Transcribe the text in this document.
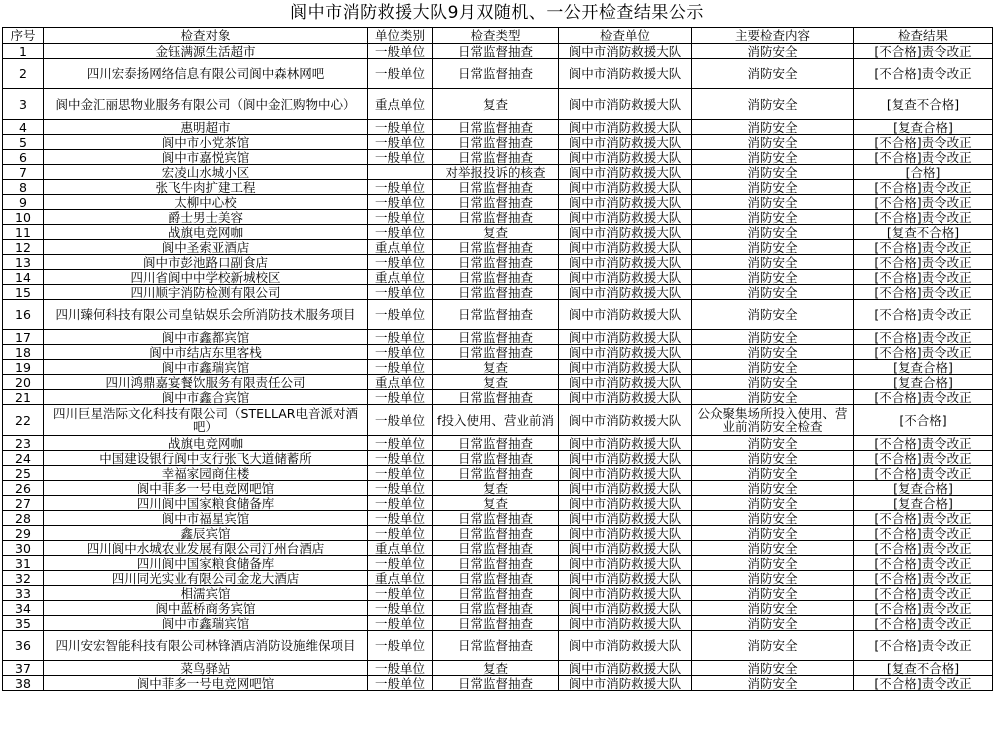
阆中市消防救援大队9月双随机、一公开检查结果公示
序号	检查对象	单位类别	检查类型	检查单位	主要检查内容	检查结果
1	金钰满源生活超市	一般单位	日常监督抽查	阆中市消防救援大队	消防安全	[不合格]责令改正
2	四川宏泰扬网络信息有限公司阆中森林网吧	一般单位	日常监督抽查	阆中市消防救援大队	消防安全	[不合格]责令改正
3	阆中金汇丽思物业服务有限公司（阆中金汇购物中心）	重点单位	复查	阆中市消防救援大队	消防安全	[复查不合格]
4	惠明超市	一般单位	日常监督抽查	阆中市消防救援大队	消防安全	[复查合格]
5	阆中市小党茶馆	一般单位	日常监督抽查	阆中市消防救援大队	消防安全	[不合格]责令改正
6	阆中市嘉悦宾馆	一般单位	日常监督抽查	阆中市消防救援大队	消防安全	[不合格]责令改正
7	宏凌山水城小区		对举报投诉的核查	阆中市消防救援大队	消防安全	[合格]
8	张飞牛肉扩建工程	一般单位	日常监督抽查	阆中市消防救援大队	消防安全	[不合格]责令改正
9	太柳中心校	一般单位	日常监督抽查	阆中市消防救援大队	消防安全	[不合格]责令改正
10	爵士男士美容	一般单位	日常监督抽查	阆中市消防救援大队	消防安全	[不合格]责令改正
11	战旗电竞网咖	一般单位	复查	阆中市消防救援大队	消防安全	[复查不合格]
12	阆中圣索亚酒店	重点单位	日常监督抽查	阆中市消防救援大队	消防安全	[不合格]责令改正
13	阆中市彭池路口副食店	一般单位	日常监督抽查	阆中市消防救援大队	消防安全	[不合格]责令改正
14	四川省阆中中学校新城校区	重点单位	日常监督抽查	阆中市消防救援大队	消防安全	[不合格]责令改正
15	四川顺宇消防检测有限公司	一般单位	日常监督抽查	阆中市消防救援大队	消防安全	[不合格]责令改正
16	四川臻何科技有限公司皇钻娱乐会所消防技术服务项目	一般单位	日常监督抽查	阆中市消防救援大队	消防安全	[不合格]责令改正
17	阆中市鑫都宾馆	一般单位	日常监督抽查	阆中市消防救援大队	消防安全	[不合格]责令改正
18	阆中市结店东里客栈	一般单位	日常监督抽查	阆中市消防救援大队	消防安全	[不合格]责令改正
19	阆中市鑫瑞宾馆	一般单位	复查	阆中市消防救援大队	消防安全	[复查合格]
20	四川鸿鼎嘉宴餐饮服务有限责任公司	重点单位	复查	阆中市消防救援大队	消防安全	[复查合格]
21	阆中市鑫合宾馆	一般单位	日常监督抽查	阆中市消防救援大队	消防安全	[不合格]责令改正
22	四川巨星浩际文化科技有限公司（STELLAR电音派对酒吧）	一般单位	f投入使用、营业前消	阆中市消防救援大队	公众聚集场所投入使用、营业前消防安全检查	[不合格]
23	战旗电竞网咖	一般单位	日常监督抽查	阆中市消防救援大队	消防安全	[不合格]责令改正
24	中国建设银行阆中支行张飞大道储蓄所	一般单位	日常监督抽查	阆中市消防救援大队	消防安全	[不合格]责令改正
25	幸福家园商住楼	一般单位	日常监督抽查	阆中市消防救援大队	消防安全	[不合格]责令改正
26	阆中菲多一号电竞网吧馆	一般单位	复查	阆中市消防救援大队	消防安全	[复查合格]
27	四川阆中国家粮食储备库	一般单位	复查	阆中市消防救援大队	消防安全	[复查合格]
28	阆中市福星宾馆	一般单位	日常监督抽查	阆中市消防救援大队	消防安全	[不合格]责令改正
29	鑫辰宾馆	一般单位	日常监督抽查	阆中市消防救援大队	消防安全	[不合格]责令改正
30	四川阆中水城农业发展有限公司汀州台酒店	重点单位	日常监督抽查	阆中市消防救援大队	消防安全	[不合格]责令改正
31	四川阆中国家粮食储备库	一般单位	日常监督抽查	阆中市消防救援大队	消防安全	[不合格]责令改正
32	四川同光实业有限公司金龙大酒店	重点单位	日常监督抽查	阆中市消防救援大队	消防安全	[不合格]责令改正
33	相濡宾馆	一般单位	日常监督抽查	阆中市消防救援大队	消防安全	[不合格]责令改正
34	阆中蓝桥商务宾馆	一般单位	日常监督抽查	阆中市消防救援大队	消防安全	[不合格]责令改正
35	阆中市鑫瑞宾馆	一般单位	日常监督抽查	阆中市消防救援大队	消防安全	[不合格]责令改正
36	四川安宏智能科技有限公司林锋酒店消防设施维保项目	一般单位	日常监督抽查	阆中市消防救援大队	消防安全	[不合格]责令改正
37	菜鸟驿站	一般单位	复查	阆中市消防救援大队	消防安全	[复查不合格]
38	阆中菲多一号电竞网吧馆	一般单位	日常监督抽查	阆中市消防救援大队	消防安全	[不合格]责令改正
